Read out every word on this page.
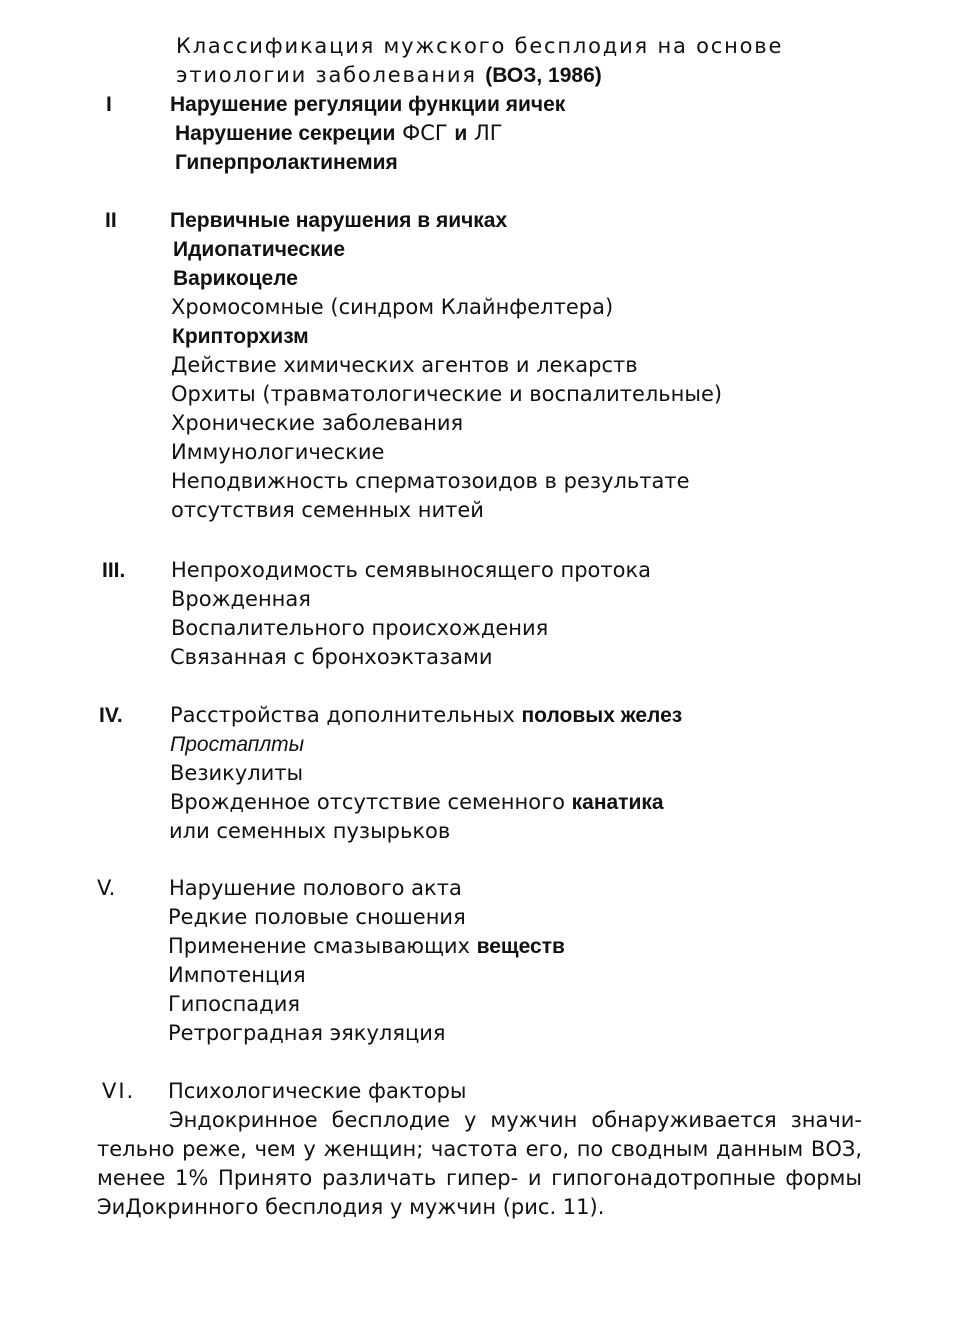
Классификация мужского бесплодия на основе
этиологии заболевания (ВОЗ, 1986)
I	Нарушение регуляции функции яичек
Нарушение секреции ФСГ и ЛГ
Гиперпролактинемия
II	Первичные нарушения в яичках
Идиопатические
Варикоцеле
Хромосомные (синдром Клайнфелтера)
Крипторхизм
Действие химических агентов и лекарств
Орхиты (травматологические и воспалительные)
Хронические заболевания
Иммунологические
Неподвижность сперматозоидов в результате
отсутствия семенных нитей
III. Непроходимость семявыносящего протока
Врожденная
Воспалительного происхождения
Связанная с бронхоэктазами
IV. Расстройства дополнительных половых желез
Простаплты
Везикулиты
Врожденное отсутствие семенного канатика
или семенных пузырьков
V.	Нарушение полового акта
Редкие половые сношения
Применение смазывающих веществ
Импотенция
Гипоспадия
Ретроградная эякуляция
VI. Психологические факторы
Эндокринное бесплодие у мужчин обнаруживается значи-
тельно реже, чем у женщин; частота его, по сводным данным ВОЗ,
менее 1% Принято различать гипер- и гипогонадотропные формы
ЭиДокринного бесплодия у мужчин (рис. 11).
